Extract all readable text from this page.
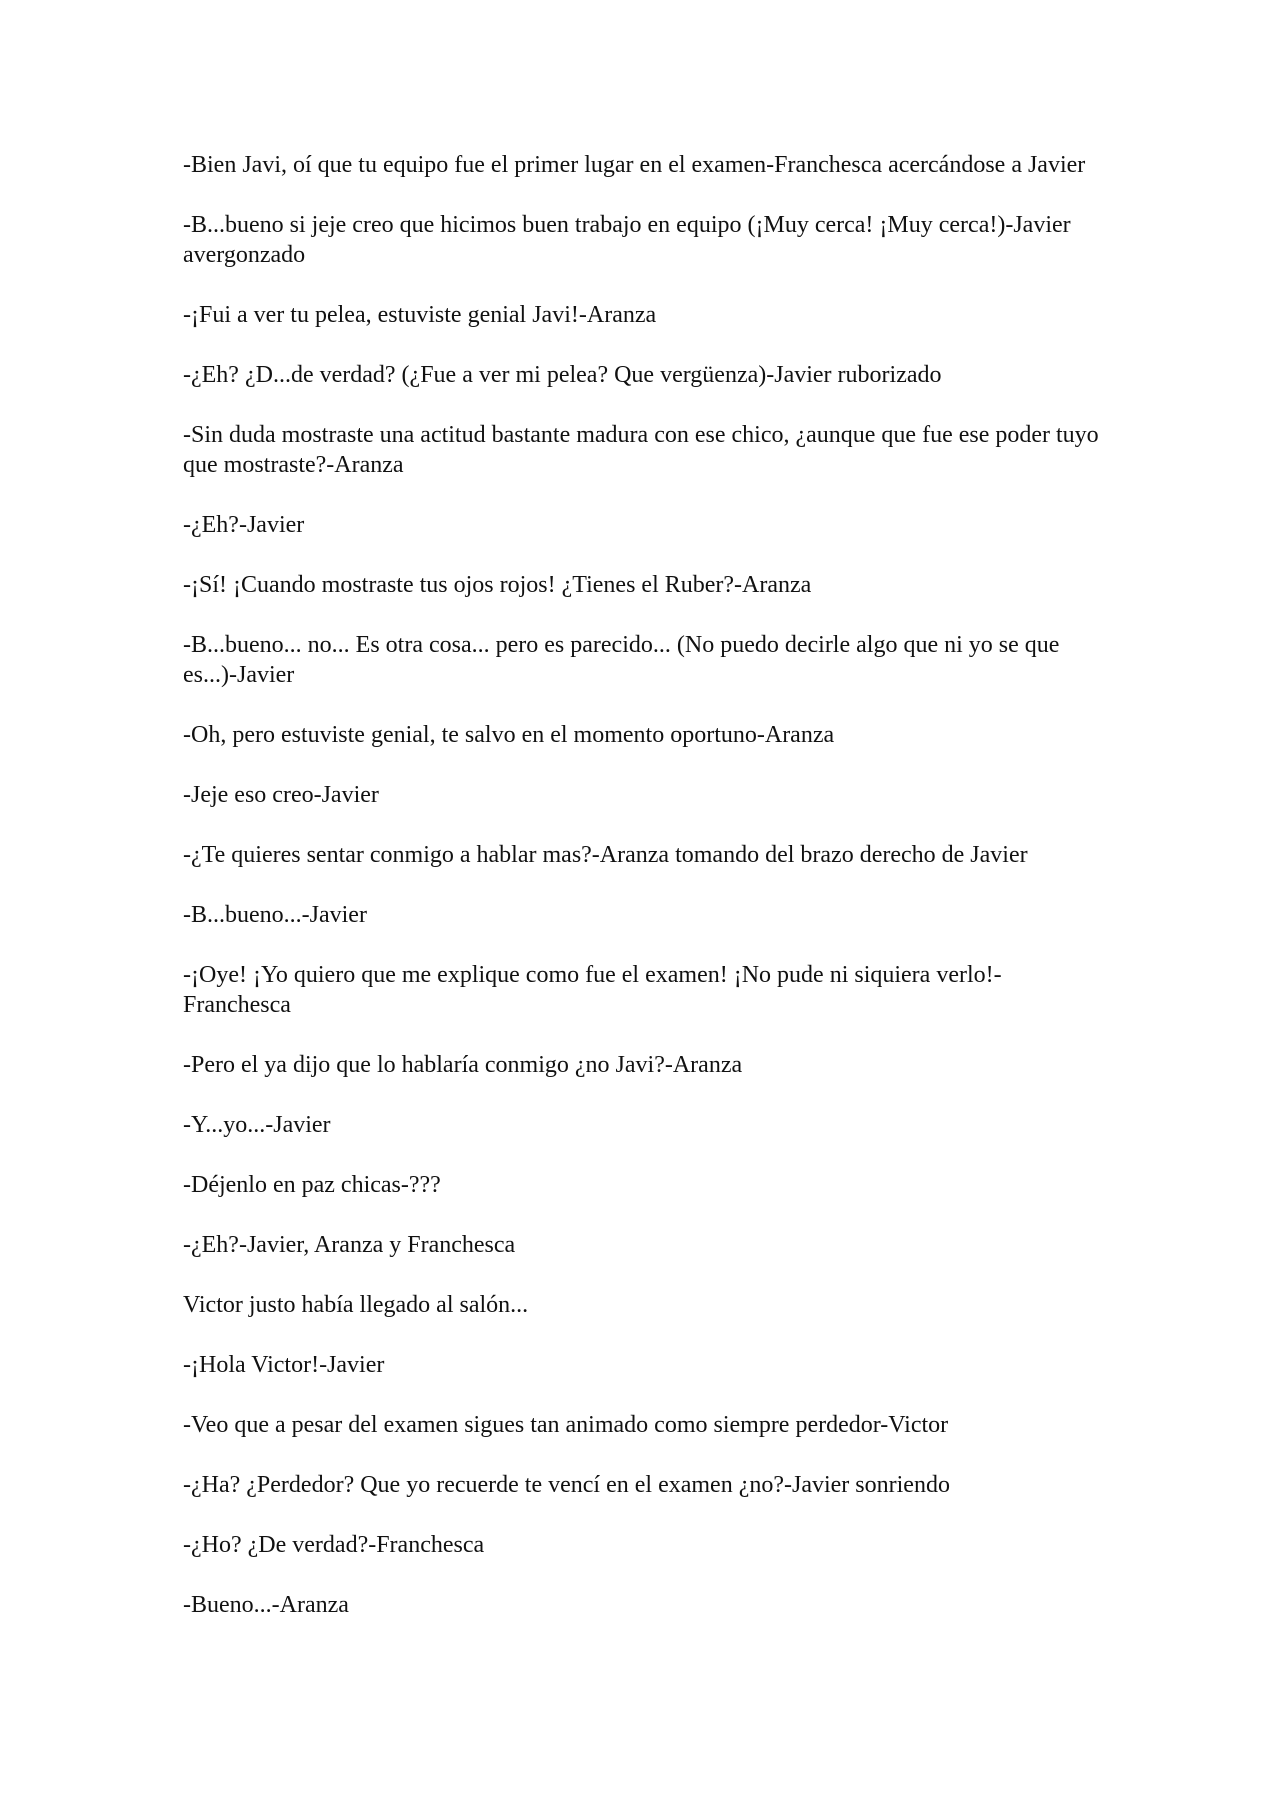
-Bien Javi, oí que tu equipo fue el primer lugar en el examen-Franchesca acercándose a Javier

-B...bueno si jeje creo que hicimos buen trabajo en equipo (¡Muy cerca! ¡Muy cerca!)-Javier avergonzado

-¡Fui a ver tu pelea, estuviste genial Javi!-Aranza

-¿Eh? ¿D...de verdad? (¿Fue a ver mi pelea? Que vergüenza)-Javier ruborizado

-Sin duda mostraste una actitud bastante madura con ese chico, ¿aunque que fue ese poder tuyo que mostraste?-Aranza

-¿Eh?-Javier

-¡Sí! ¡Cuando mostraste tus ojos rojos! ¿Tienes el Ruber?-Aranza

-B...bueno... no... Es otra cosa... pero es parecido... (No puedo decirle algo que ni yo se que es...)-Javier

-Oh, pero estuviste genial, te salvo en el momento oportuno-Aranza

-Jeje eso creo-Javier

-¿Te quieres sentar conmigo a hablar mas?-Aranza tomando del brazo derecho de Javier

-B...bueno...-Javier

-¡Oye! ¡Yo quiero que me explique como fue el examen! ¡No pude ni siquiera verlo!-Franchesca

-Pero el ya dijo que lo hablaría conmigo ¿no Javi?-Aranza

-Y...yo...-Javier

-Déjenlo en paz chicas-???

-¿Eh?-Javier, Aranza y Franchesca

Victor justo había llegado al salón...

-¡Hola Victor!-Javier

-Veo que a pesar del examen sigues tan animado como siempre perdedor-Victor

-¿Ha? ¿Perdedor? Que yo recuerde te vencí en el examen ¿no?-Javier sonriendo

-¿Ho? ¿De verdad?-Franchesca

-Bueno...-Aranza
